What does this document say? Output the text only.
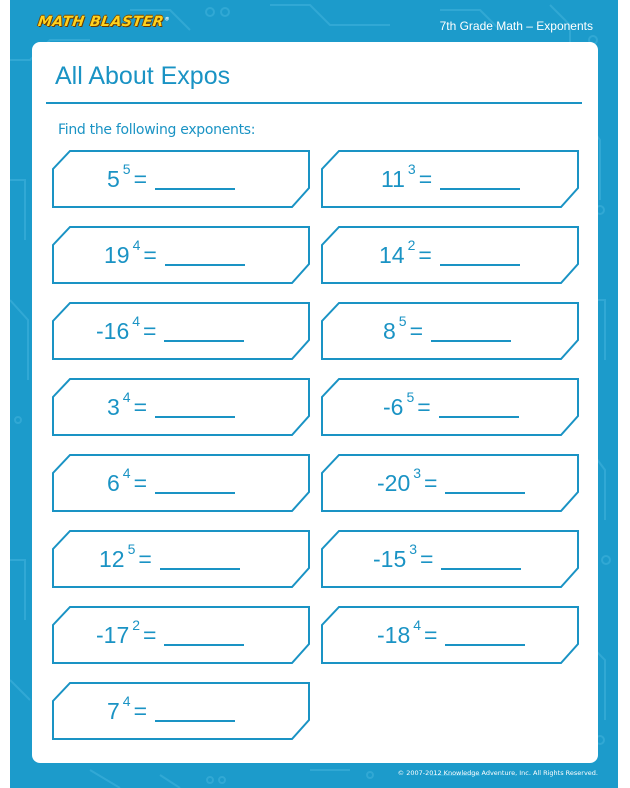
MATH BLASTER®	7th Grade Math – Exponents
All About Expos
Find the following exponents:
5 5 =	11 3 =
19 4 =	14 2 =
-16 4 =	8 5 =
3 4 =	-6 5 =
6 4 =	-20 3 =
12 5 =	-15 3 =
-17 2 =	-18 4 =
7 4 =
© 2007-2012 Knowledge Adventure, Inc. All Rights Reserved.
